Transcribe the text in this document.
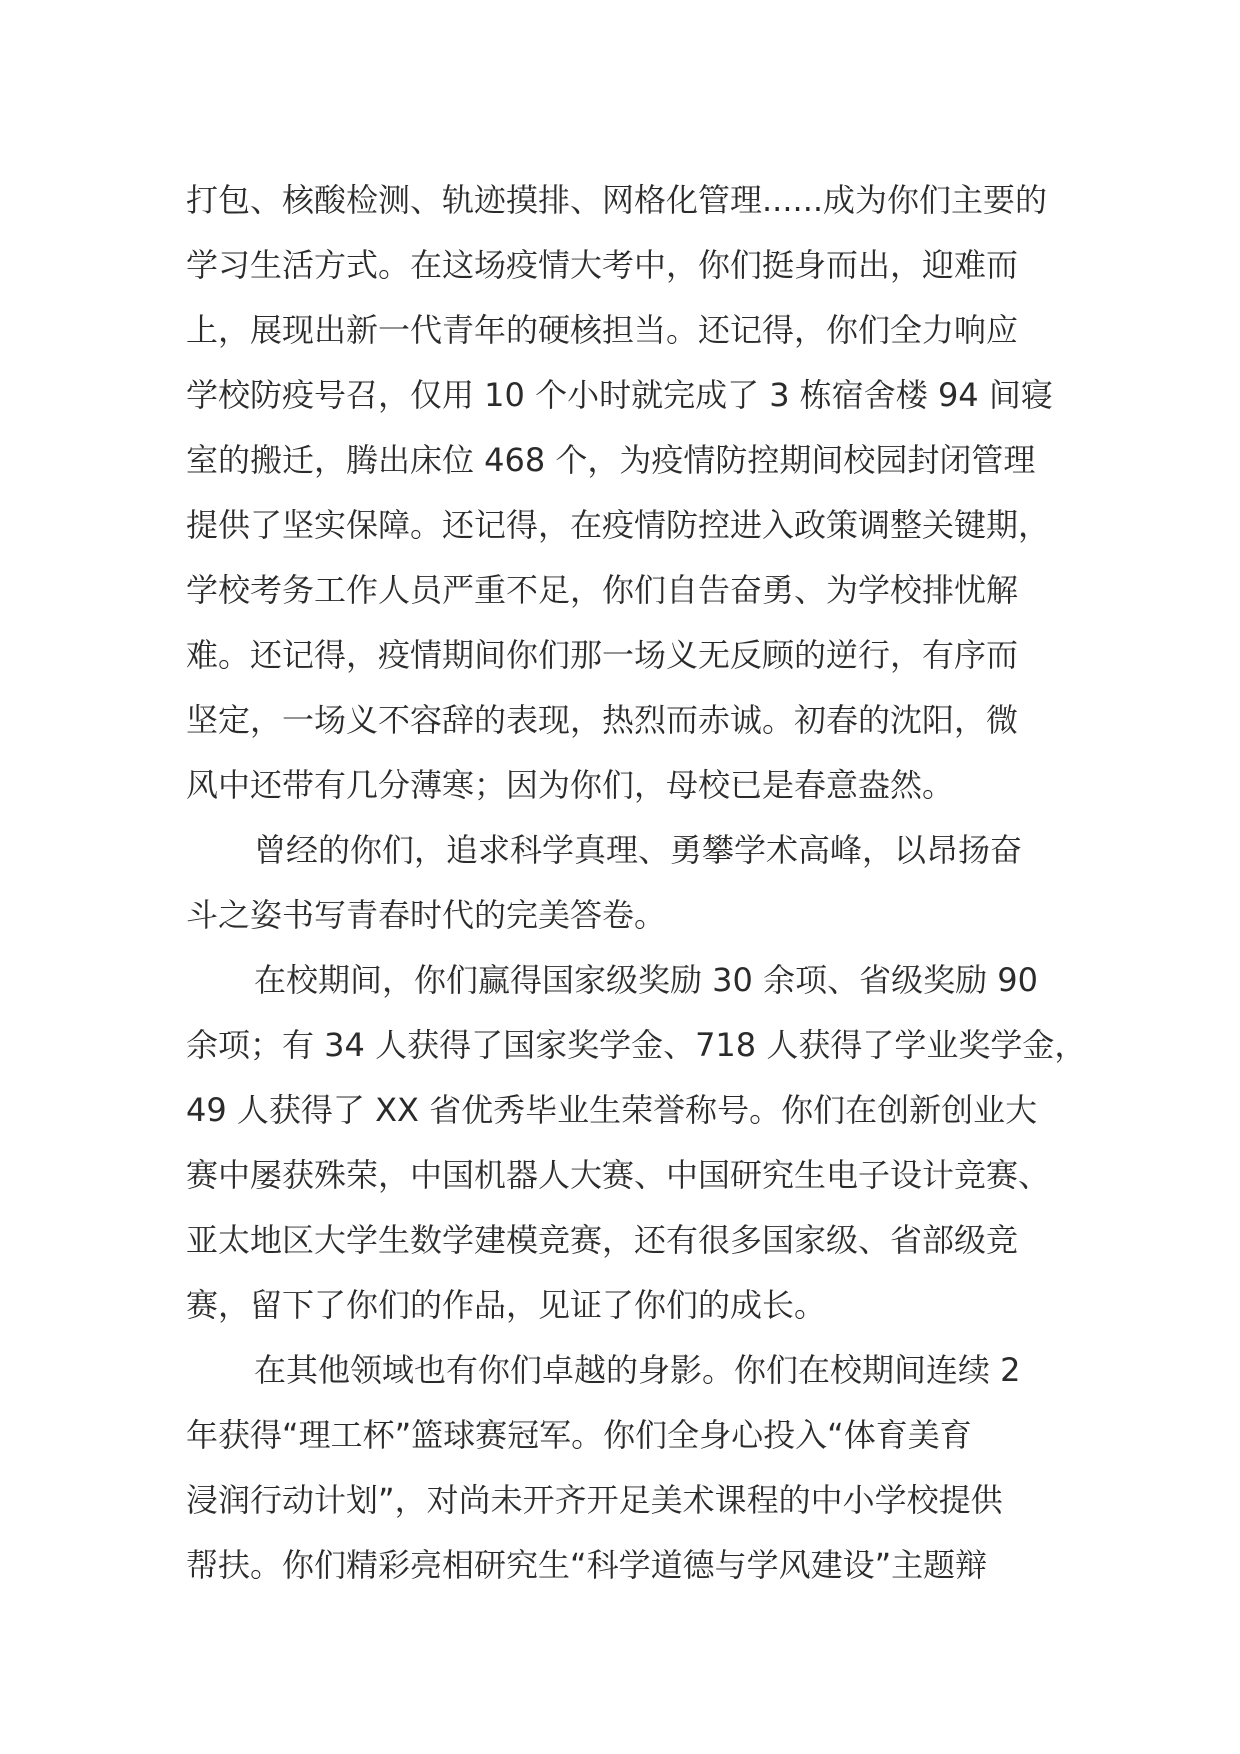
打包、核酸检测、轨迹摸排、网格化管理......成为你们主要的
学习生活方式。在这场疫情大考中，你们挺身而出，迎难而
上，展现出新一代青年的硬核担当。还记得，你们全力响应
学校防疫号召，仅用 10 个小时就完成了 3 栋宿舍楼 94 间寝
室的搬迁，腾出床位 468 个，为疫情防控期间校园封闭管理
提供了坚实保障。还记得，在疫情防控进入政策调整关键期，
学校考务工作人员严重不足，你们自告奋勇、为学校排忧解
难。还记得，疫情期间你们那一场义无反顾的逆行，有序而
坚定，一场义不容辞的表现，热烈而赤诚。初春的沈阳，微
风中还带有几分薄寒；因为你们，母校已是春意盎然。
曾经的你们，追求科学真理、勇攀学术高峰，以昂扬奋
斗之姿书写青春时代的完美答卷。
在校期间，你们赢得国家级奖励 30 余项、省级奖励 90
余项；有 34 人获得了国家奖学金、718 人获得了学业奖学金，
49 人获得了 XX 省优秀毕业生荣誉称号。你们在创新创业大
赛中屡获殊荣，中国机器人大赛、中国研究生电子设计竞赛、
亚太地区大学生数学建模竞赛，还有很多国家级、省部级竞
赛，留下了你们的作品，见证了你们的成长。
在其他领域也有你们卓越的身影。你们在校期间连续 2
年获得“理工杯”篮球赛冠军。你们全身心投入“体育美育
浸润行动计划”，对尚未开齐开足美术课程的中小学校提供
帮扶。你们精彩亮相研究生“科学道德与学风建设”主题辩
